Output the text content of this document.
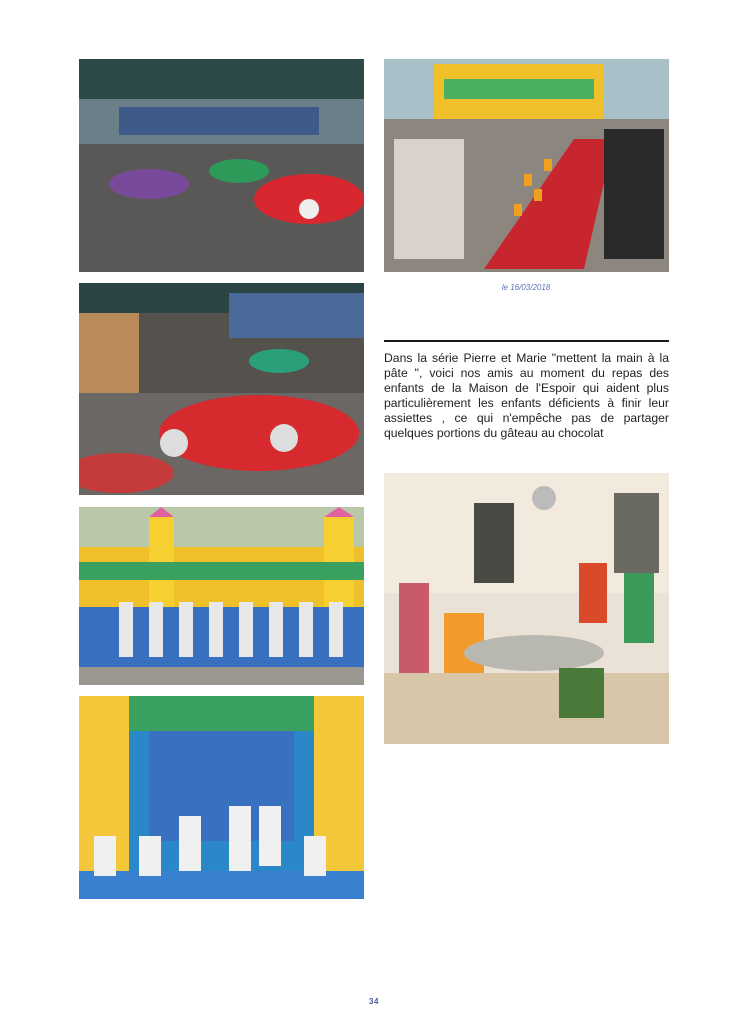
le 16/03/2018
Dans la série Pierre et Marie "mettent la main à la pâte ", voici nos amis au moment du repas des enfants de la Maison de l'Espoir qui aident plus particulièrement les enfants déficients à finir leur assiettes , ce qui n'empêche pas de partager quelques portions du gâteau au chocolat
34
